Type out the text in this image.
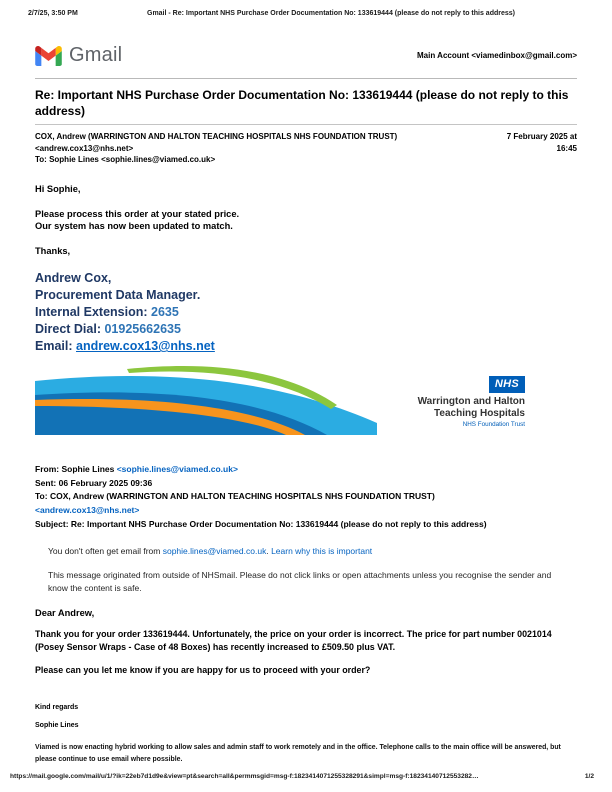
2/7/25, 3:50 PM	Gmail - Re: Important NHS Purchase Order Documentation No: 133619444 (please do not reply to this address)
Gmail	Main Account <viamedinbox@gmail.com>
Re: Important NHS Purchase Order Documentation No: 133619444 (please do not reply to this address)
COX, Andrew (WARRINGTON AND HALTON TEACHING HOSPITALS NHS FOUNDATION TRUST)
<andrew.cox13@nhs.net>
To: Sophie Lines <sophie.lines@viamed.co.uk>
7 February 2025 at 16:45

Hi Sophie,

Please process this order at your stated price.

Our system has now been updated to match.

Thanks,

Andrew Cox,
Procurement Data Manager.
Internal Extension: 2635
Direct Dial: 01925662635
Email: andrew.cox13@nhs.net
NHS
Warrington and Halton
Teaching Hospitals
NHS Foundation Trust
From: Sophie Lines <sophie.lines@viamed.co.uk>
Sent: 06 February 2025 09:36
To: COX, Andrew (WARRINGTON AND HALTON TEACHING HOSPITALS NHS FOUNDATION TRUST)
<andrew.cox13@nhs.net>
Subject: Re: Important NHS Purchase Order Documentation No: 133619444 (please do not reply to this address)
You don't often get email from sophie.lines@viamed.co.uk. Learn why this is important
This message originated from outside of NHSmail. Please do not click links or open attachments unless you recognise the sender and know the content is safe.
Dear Andrew,
Thank you for your order 133619444. Unfortunately, the price on your order is incorrect. The price for part number 0021014 (Posey Sensor Wraps - Case of 48 Boxes) has recently increased to £509.50 plus VAT.
Please can you let me know if you are happy for us to proceed with your order?
Kind regards
Sophie Lines
Viamed is now enacting hybrid working to allow sales and admin staff to work remotely and in the office. Telephone calls to the main office will be answered, but please continue to use email where possible.
https://mail.google.com/mail/u/1/?ik=22eb7d1d9e&view=pt&search=all&permmsgid=msg-f:1823414071255328291&simpl=msg-f:18234140712553282…	1/2
